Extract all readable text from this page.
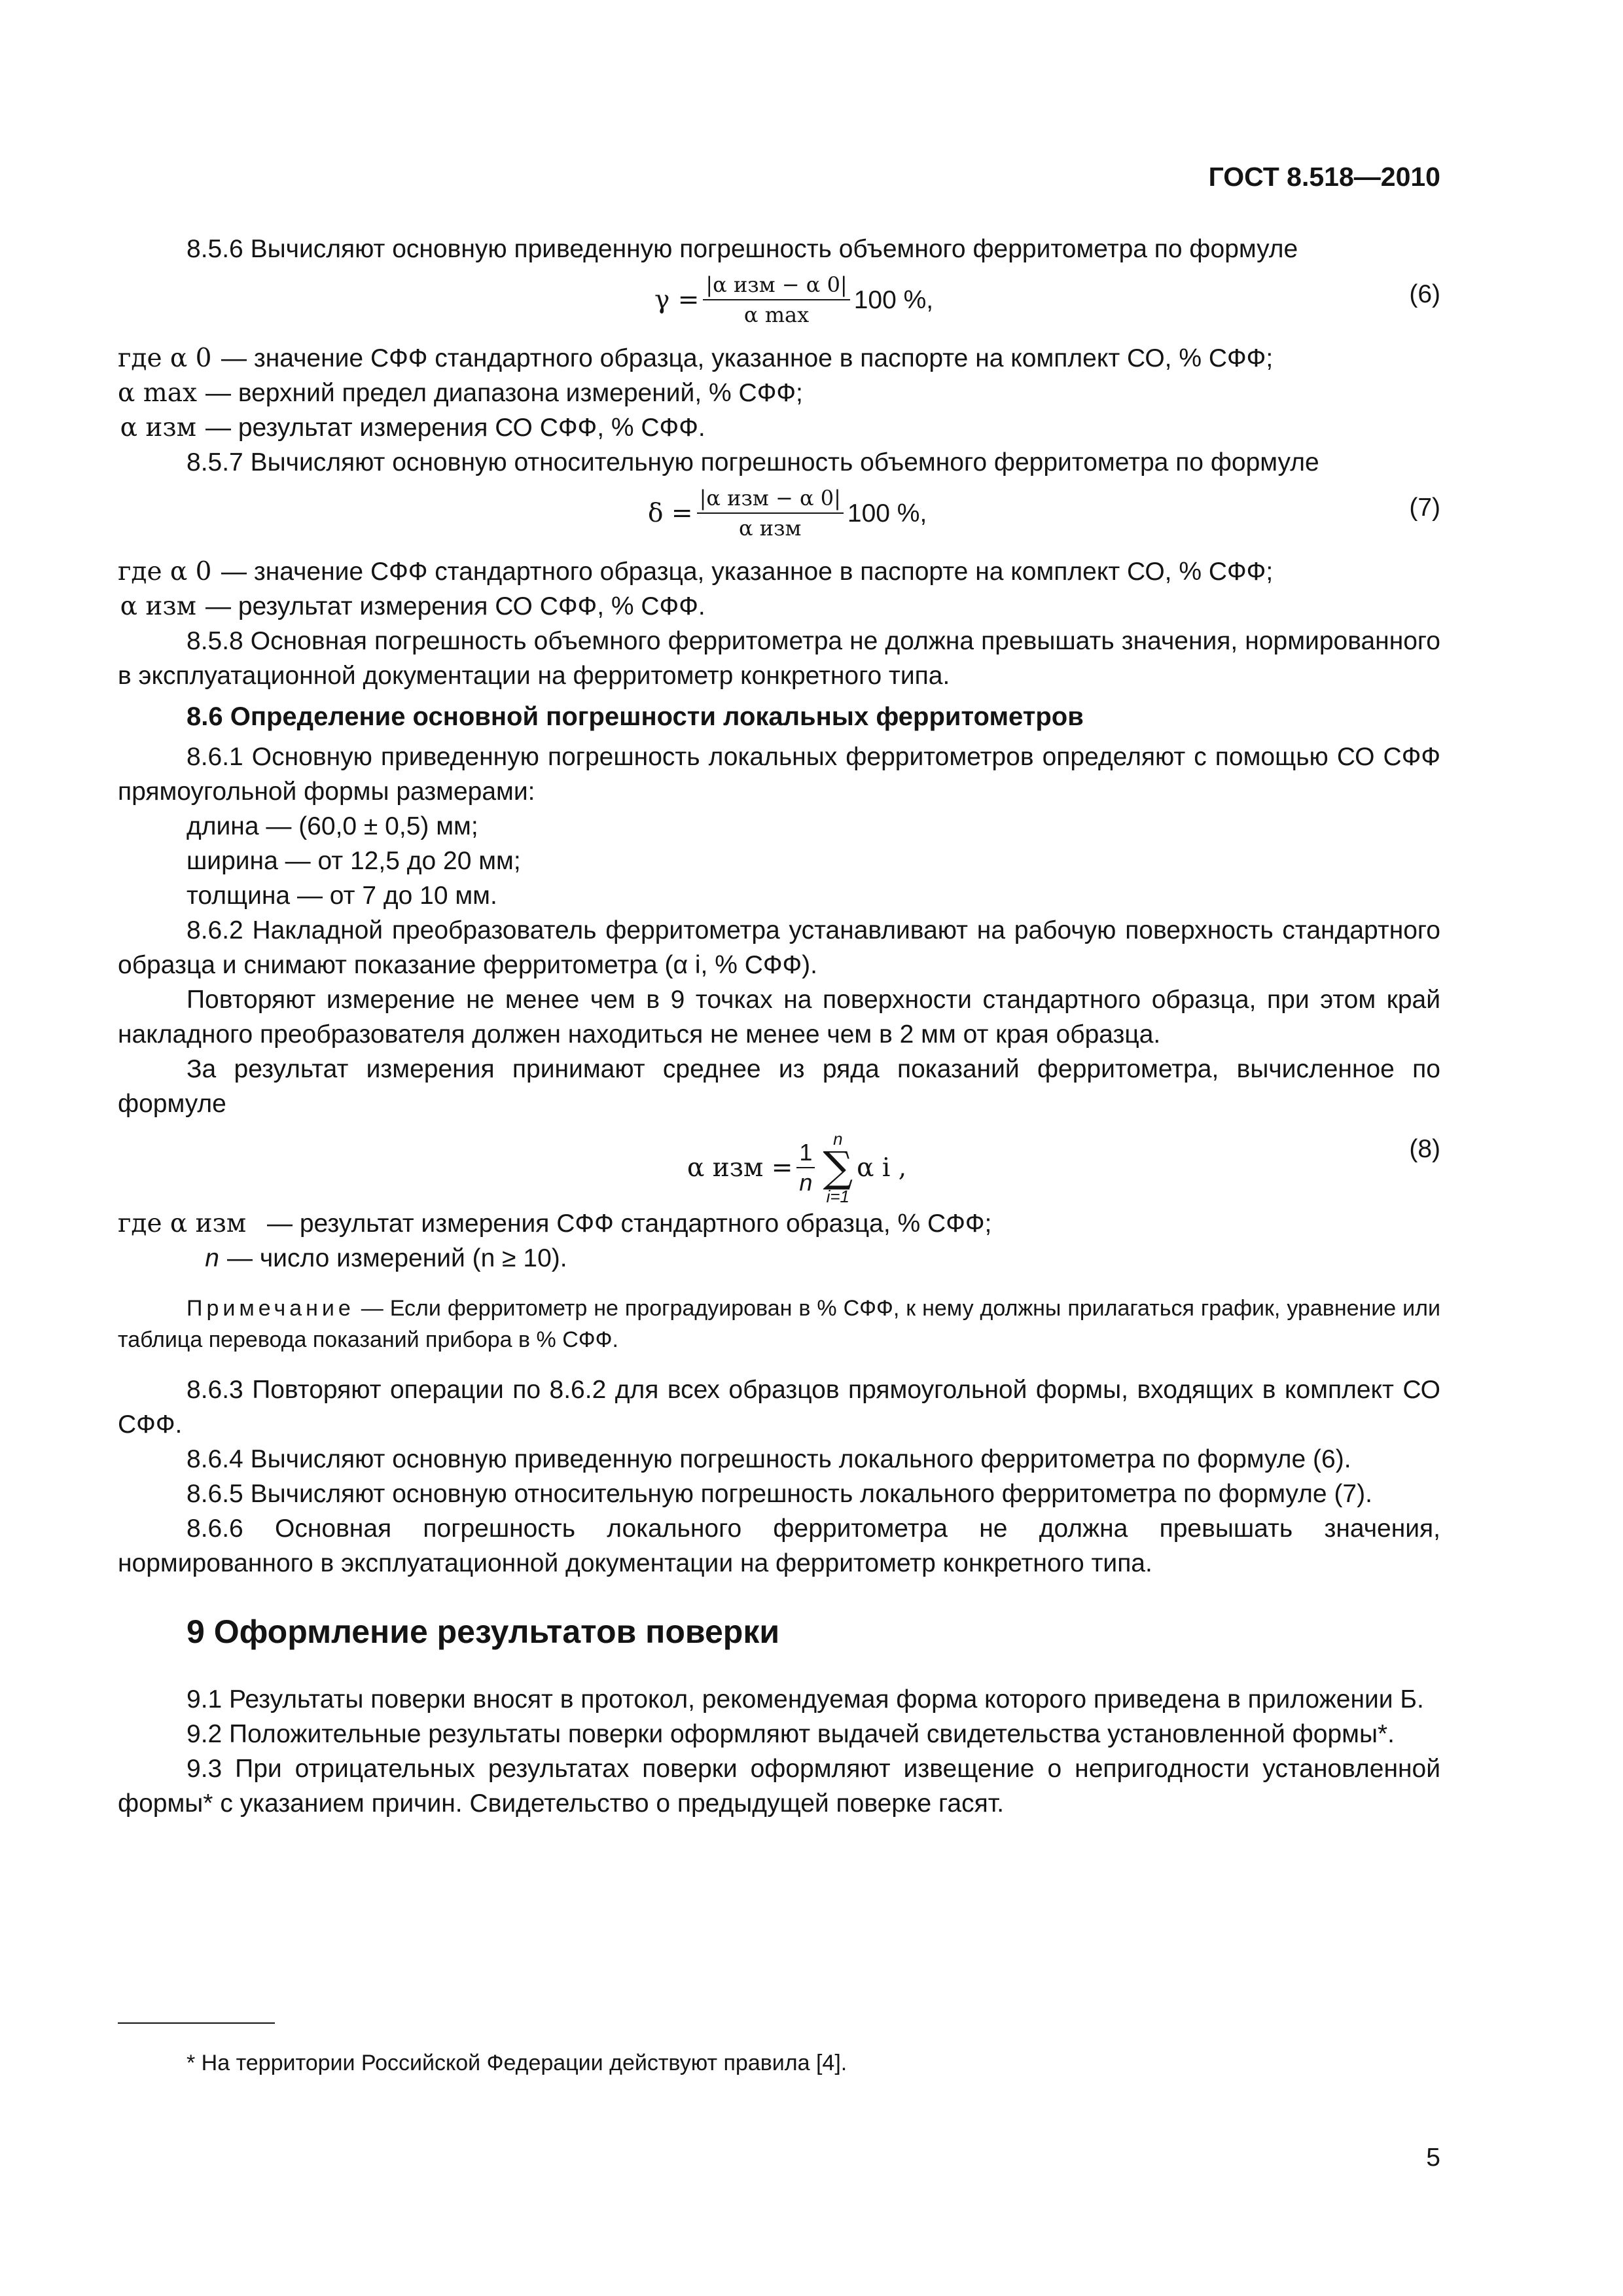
ГОСТ 8.518—2010

8.5.6 Вычисляют основную приведенную погрешность объемного ферритометра по формуле

$\gamma = \frac{\text{|α изм − α 0|}}{\text{α max}} 100$ %,	(6)
где α 0 — значение СФФ стандартного образца, указанное в паспорте на комплект СО, % СФФ;
α max — верхний предел диапазона измерений, % СФФ;
α изм — результат измерения СО СФФ, % СФФ.

8.5.7 Вычисляют основную относительную погрешность объемного ферритометра по формуле

$\delta = \frac{\text{|α изм − α 0|}}{\text{α изм}} 100$ %,	(7)
где α 0 — значение СФФ стандартного образца, указанное в паспорте на комплект СО, % СФФ;
α изм — результат измерения СО СФФ, % СФФ.

8.5.8 Основная погрешность объемного ферритометра не должна превышать значения, нормированного в эксплуатационной документации на ферритометр конкретного типа.

8.6 Определение основной погрешности локальных ферритометров

8.6.1 Основную приведенную погрешность локальных ферритометров определяют с помощью СО СФФ прямоугольной формы размерами:

длина — (60,0 ± 0,5) мм;

ширина — от 12,5 до 20 мм;

толщина — от 7 до 10 мм.

8.6.2 Накладной преобразователь ферритометра устанавливают на рабочую поверхность стандартного образца и снимают показание ферритометра (α i, % СФФ).

Повторяют измерение не менее чем в 9 точках на поверхности стандартного образца, при этом край накладного преобразователя должен находиться не менее чем в 2 мм от края образца.

За результат измерения принимают среднее из ряда показаний ферритометра, вычисленное по формуле

α изм = $\frac{1}{n}$
n
∑
i=1
α i ,
(8)
где α изм — результат измерения СФФ стандартного образца, % СФФ;
n — число измерений (n ≥ 10).

Примечание — Если ферритометр не проградуирован в % СФФ, к нему должны прилагаться график, уравнение или таблица перевода показаний прибора в % СФФ.

8.6.3 Повторяют операции по 8.6.2 для всех образцов прямоугольной формы, входящих в комплект СО СФФ.

8.6.4 Вычисляют основную приведенную погрешность локального ферритометра по формуле (6).

8.6.5 Вычисляют основную относительную погрешность локального ферритометра по формуле (7).

8.6.6 Основная погрешность локального ферритометра не должна превышать значения, нормированного в эксплуатационной документации на ферритометр конкретного типа.

9 Оформление результатов поверки

9.1 Результаты поверки вносят в протокол, рекомендуемая форма которого приведена в приложении Б.

9.2 Положительные результаты поверки оформляют выдачей свидетельства установленной формы*.

9.3 При отрицательных результатах поверки оформляют извещение о непригодности установленной формы* с указанием причин. Свидетельство о предыдущей поверке гасят.

* На территории Российской Федерации действуют правила [4].
5
